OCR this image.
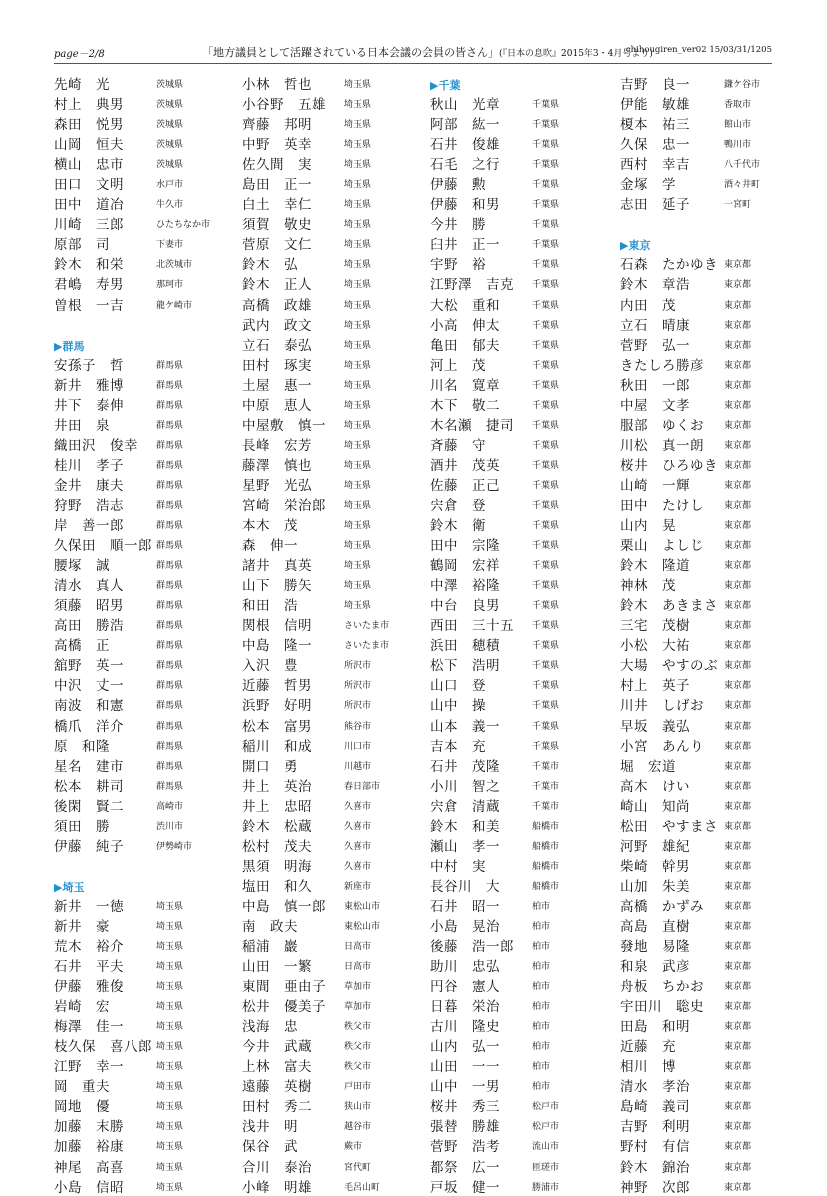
page－2/8	「地方議員として活躍されている日本会議の会員の皆さん」(『日本の息吹』2015年3・4月号より)
chihougiren_ver02 15/03/31/1205
先崎　光	茨城県
村上　典男	茨城県
森田　悦男	茨城県
山岡　恒夫	茨城県
横山　忠市	茨城県
田口　文明	水戸市
田中　道冶	牛久市
川崎　三郎	ひたちなか市
原部　司	下妻市
鈴木　和栄	北茨城市
君嶋　寿男	那珂市
曽根　一吉	龍ケ崎市
▶群馬
安孫子　哲	群馬県
新井　雅博	群馬県
井下　泰伸	群馬県
井田　泉	群馬県
織田沢　俊幸 群馬県
桂川　孝子	群馬県
金井　康夫	群馬県
狩野　浩志	群馬県
岸　善一郎	群馬県
久保田　順一郎 群馬県
腰塚　誠	群馬県
清水　真人	群馬県
須藤　昭男	群馬県
高田　勝浩	群馬県
高橋　正	群馬県
舘野　英一	群馬県
中沢　丈一	群馬県
南波　和憲	群馬県
橋爪　洋介	群馬県
原　和隆	群馬県
星名　建市	群馬県
松本　耕司	群馬県
後閑　賢二	高崎市
須田　勝	渋川市
伊藤　純子	伊勢崎市
▶埼玉
新井　一徳	埼玉県
新井　豪	埼玉県
荒木　裕介	埼玉県
石井　平夫	埼玉県
伊藤　雅俊	埼玉県
岩崎　宏	埼玉県
梅澤　佳一	埼玉県
枝久保　喜八郎 埼玉県
江野　幸一	埼玉県
岡　重夫	埼玉県
岡地　優	埼玉県
加藤　末勝	埼玉県
加藤　裕康	埼玉県
神尾　高喜	埼玉県
小島　信昭	埼玉県
小林　哲也	埼玉県
小谷野　五雄 埼玉県
齊藤　邦明	埼玉県
中野　英幸	埼玉県
佐久間　実	埼玉県
島田　正一	埼玉県
白土　幸仁	埼玉県
須賀　敬史	埼玉県
菅原　文仁	埼玉県
鈴木　弘	埼玉県
鈴木　正人	埼玉県
高橋　政雄	埼玉県
武内　政文	埼玉県
立石　泰弘	埼玉県
田村　琢実	埼玉県
土屋　惠一	埼玉県
中原　恵人	埼玉県
中屋敷　慎一 埼玉県
長峰　宏芳	埼玉県
藤澤　慎也	埼玉県
星野　光弘	埼玉県
宮崎　栄治郎 埼玉県
本木　茂	埼玉県
森　伸一	埼玉県
諸井　真英	埼玉県
山下　勝矢	埼玉県
和田　浩	埼玉県
関根　信明	さいたま市
中島　隆一	さいたま市
入沢　豊	所沢市
近藤　哲男	所沢市
浜野　好明	所沢市
松本　富男	熊谷市
稲川　和成	川口市
開口　勇	川越市
井上　英治	春日部市
井上　忠昭	久喜市
鈴木　松蔵	久喜市
松村　茂夫	久喜市
黒須　明海	久喜市
塩田　和久	新座市
中島　慎一郎 東松山市
南　政夫	東松山市
稲浦　巖	日高市
山田　一繁	日高市
東間　亜由子 草加市
松井　優美子 草加市
浅海　忠	秩父市
今井　武蔵	秩父市
上林　富夫	秩父市
遠藤　英樹	戸田市
田村　秀二	狭山市
浅井　明	越谷市
保谷　武	蕨市
合川　泰治	宮代町
小峰　明雄	毛呂山町
▶千葉
秋山　光章	千葉県
阿部　紘一	千葉県
石井　俊雄	千葉県
石毛　之行	千葉県
伊藤　勲	千葉県
伊藤　和男	千葉県
今井　勝	千葉県
臼井　正一	千葉県
宇野　裕	千葉県
江野澤　吉克 千葉県
大松　重和	千葉県
小高　伸太	千葉県
亀田　郁夫	千葉県
河上　茂	千葉県
川名　寛章	千葉県
木下　敬二	千葉県
木名瀬　捷司 千葉県
斉藤　守	千葉県
酒井　茂英	千葉県
佐藤　正己	千葉県
宍倉　登	千葉県
鈴木　衛	千葉県
田中　宗隆	千葉県
鶴岡　宏祥	千葉県
中澤　裕隆	千葉県
中台　良男	千葉県
西田　三十五 千葉県
浜田　穂積	千葉県
松下　浩明	千葉県
山口　登	千葉県
山中　操	千葉県
山本　義一	千葉県
吉本　充	千葉県
石井　茂隆	千葉市
小川　智之	千葉市
宍倉　清蔵	千葉市
鈴木　和美	船橋市
瀬山　孝一	船橋市
中村　実	船橋市
長谷川　大	船橋市
石井　昭一	柏市
小島　晃治	柏市
後藤　浩一郎 柏市
助川　忠弘	柏市
円谷　憲人	柏市
日暮　栄治	柏市
古川　隆史	柏市
山内　弘一	柏市
山田　一一	柏市
山中　一男	柏市
桜井　秀三	松戸市
張替　勝雄	松戸市
菅野　浩考	流山市
都祭　広一	匝瑳市
戸坂　健一	勝浦市
吉野　良一	鎌ケ谷市
伊能　敏雄	香取市
榎本　祐三	館山市
久保　忠一	鴨川市
西村　幸吉	八千代市
金塚　学	酒々井町
志田　延子	一宮町
▶東京
石森　たかゆき 東京都
鈴木　章浩	東京都
内田　茂	東京都
立石　晴康	東京都
菅野　弘一	東京都
きたしろ勝彦 東京都
秋田　一郎	東京都
中屋　文孝	東京都
服部　ゆくお 東京都
川松　真一朗 東京都
桜井　ひろゆき 東京都
山崎　一輝	東京都
田中　たけし 東京都
山内　晃	東京都
栗山　よしじ 東京都
鈴木　隆道	東京都
神林　茂	東京都
鈴木　あきまさ 東京都
三宅　茂樹	東京都
小松　大祐	東京都
大場　やすのぶ 東京都
村上　英子	東京都
川井　しげお 東京都
早坂　義弘	東京都
小宮　あんり 東京都
堀　宏道	東京都
高木　けい	東京都
崎山　知尚	東京都
松田　やすまさ 東京都
河野　雄紀	東京都
柴崎　幹男	東京都
山加　朱美	東京都
高橋　かずみ 東京都
高島　直樹	東京都
發地　易隆	東京都
和泉　武彦	東京都
舟板　ちかお 東京都
宇田川　聡史 東京都
田島　和明	東京都
近藤　充	東京都
相川　博	東京都
清水　孝治	東京都
島崎　義司	東京都
吉野　利明	東京都
野村　有信	東京都
鈴木　錦治	東京都
神野　次郎	東京都
